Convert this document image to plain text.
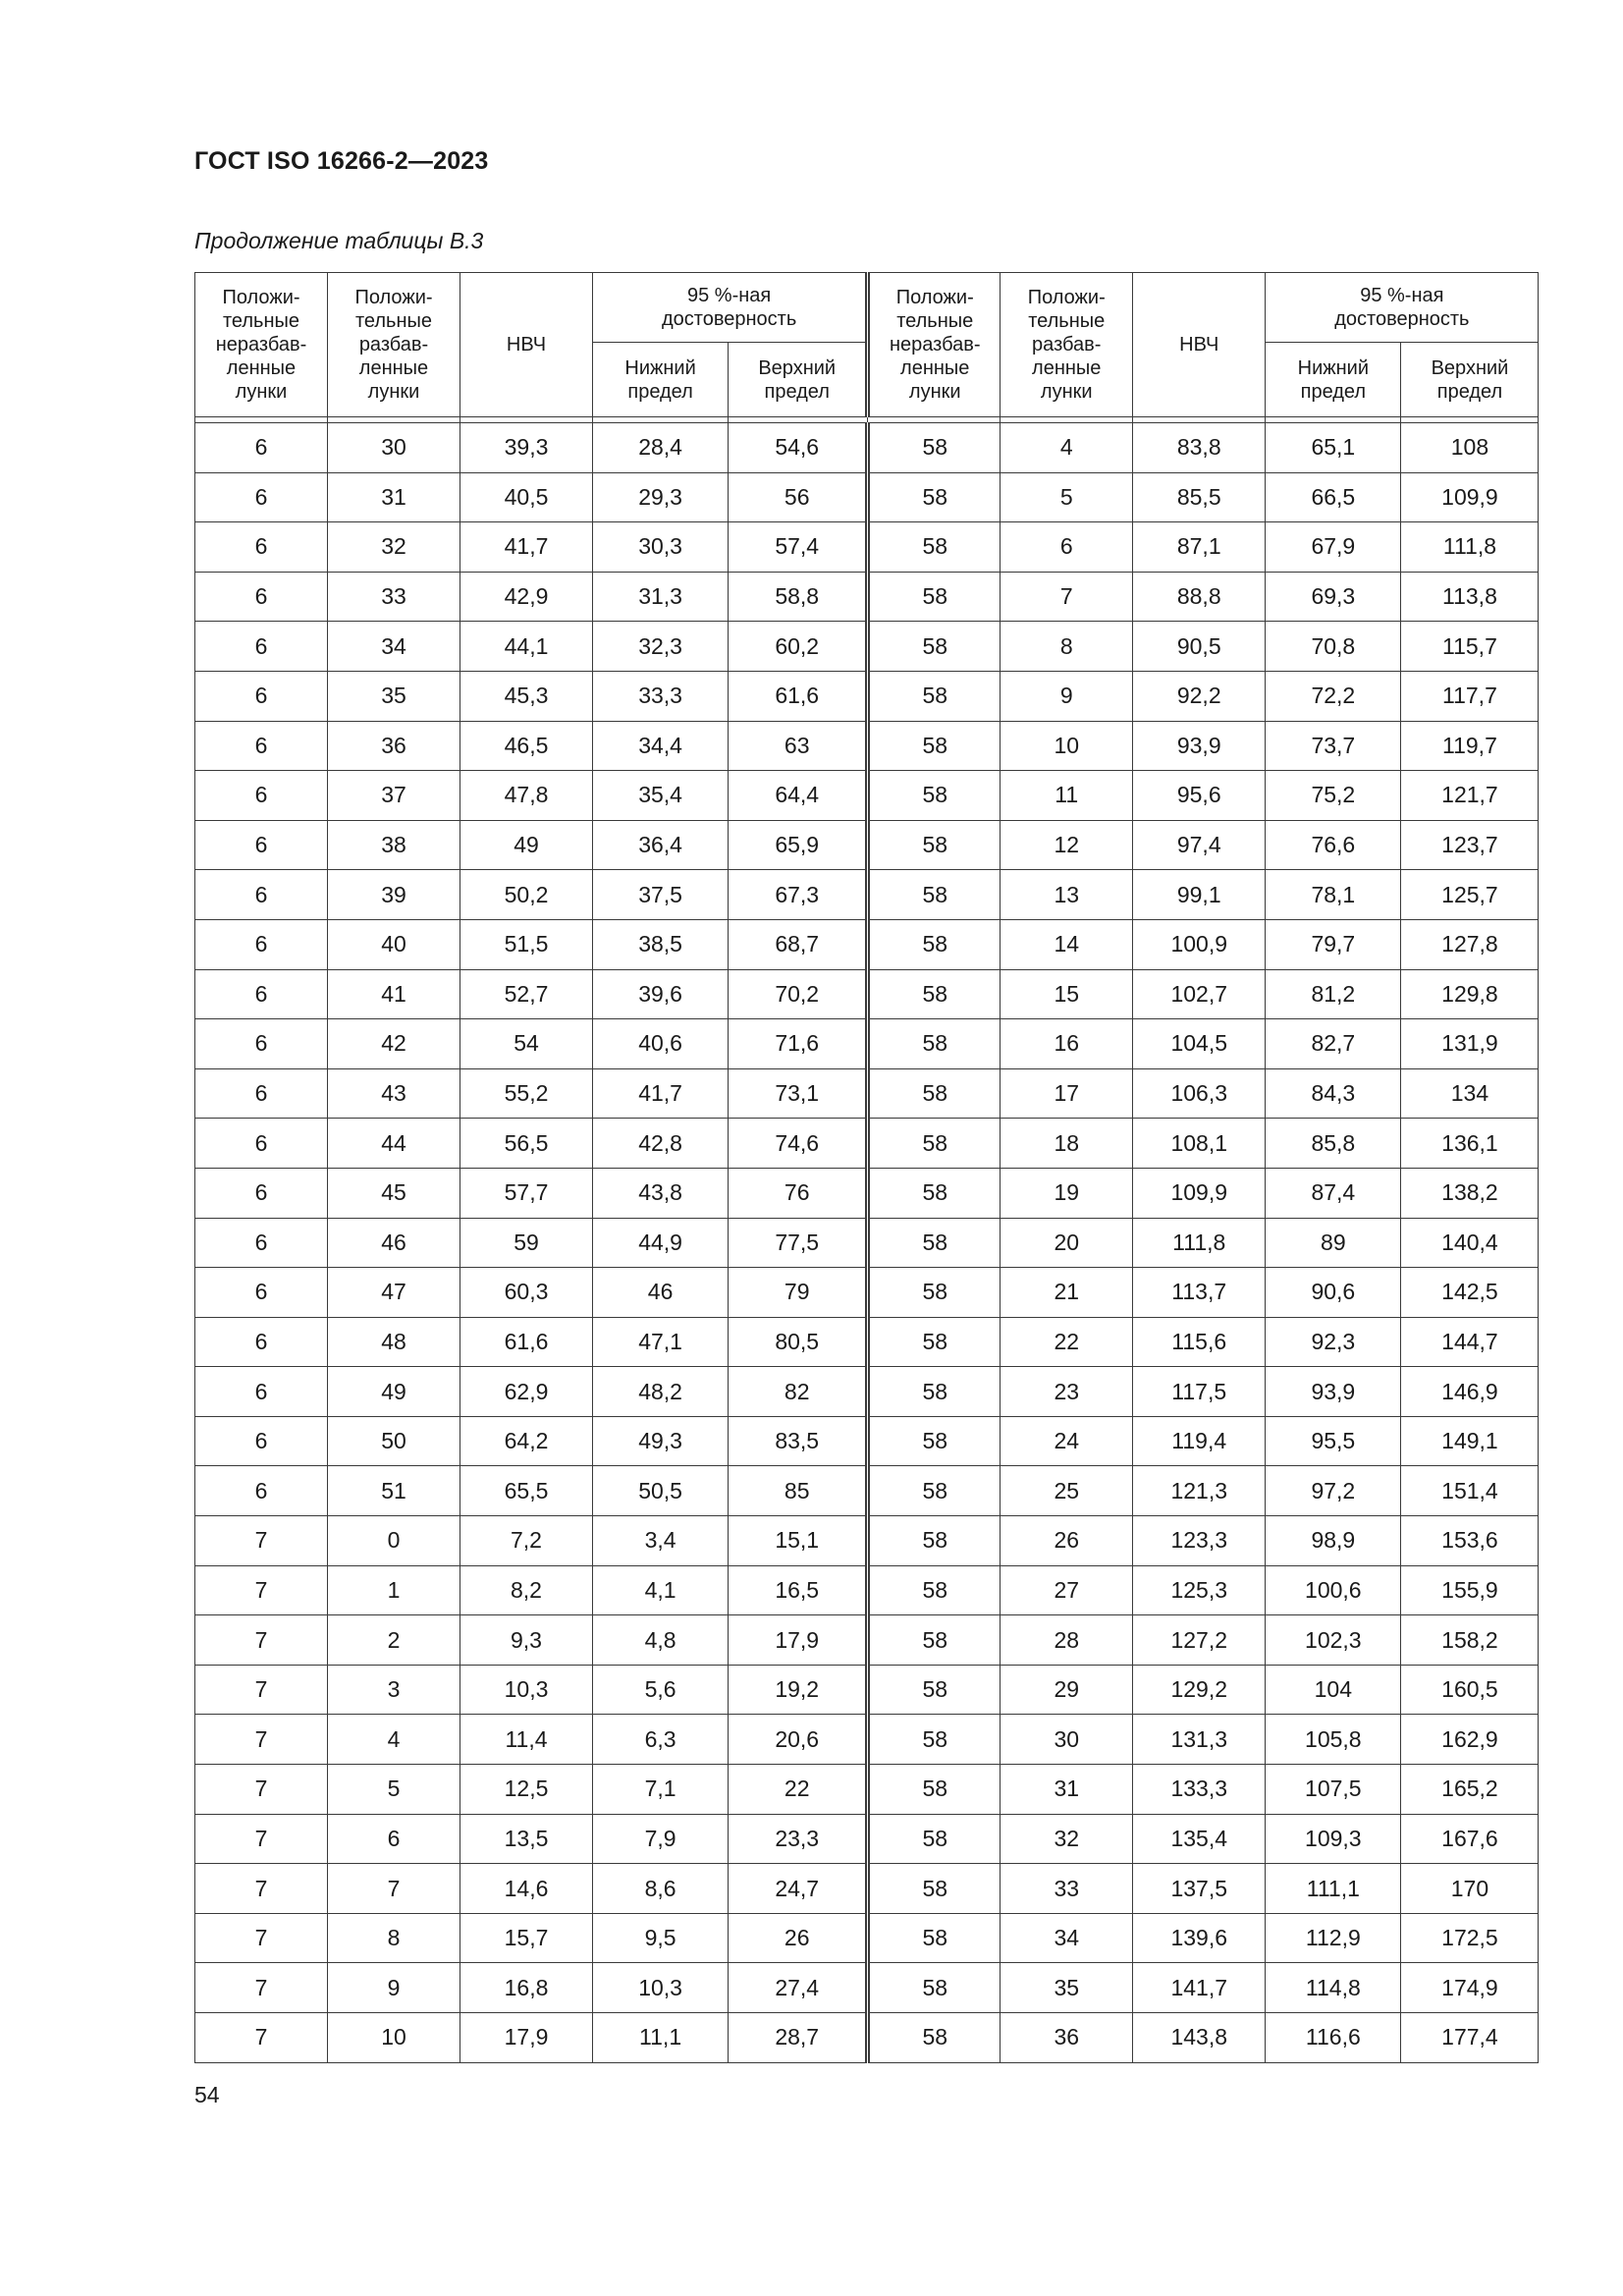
ГОСТ ISO 16266-2—2023
Продолжение таблицы B.3
Положи-тельные неразбав-ленные лунки	Положи-тельные разбав-ленные лунки	НВЧ	95 %-ная достоверность		Положи-тельные неразбав-ленные лунки	Положи-тельные разбав-ленные лунки	НВЧ	95 %-ная достоверность	

			Нижний предел	Верхний предел				Нижний предел	Верхний предел

6	30	39,3	28,4	54,6	58	4	83,8	65,1	108
6	31	40,5	29,3	56	58	5	85,5	66,5	109,9
6	32	41,7	30,3	57,4	58	6	87,1	67,9	111,8
6	33	42,9	31,3	58,8	58	7	88,8	69,3	113,8
6	34	44,1	32,3	60,2	58	8	90,5	70,8	115,7
6	35	45,3	33,3	61,6	58	9	92,2	72,2	117,7
6	36	46,5	34,4	63	58	10	93,9	73,7	119,7
6	37	47,8	35,4	64,4	58	11	95,6	75,2	121,7
6	38	49	36,4	65,9	58	12	97,4	76,6	123,7
6	39	50,2	37,5	67,3	58	13	99,1	78,1	125,7
6	40	51,5	38,5	68,7	58	14	100,9	79,7	127,8
6	41	52,7	39,6	70,2	58	15	102,7	81,2	129,8
6	42	54	40,6	71,6	58	16	104,5	82,7	131,9
6	43	55,2	41,7	73,1	58	17	106,3	84,3	134
6	44	56,5	42,8	74,6	58	18	108,1	85,8	136,1
6	45	57,7	43,8	76	58	19	109,9	87,4	138,2
6	46	59	44,9	77,5	58	20	111,8	89	140,4
6	47	60,3	46	79	58	21	113,7	90,6	142,5
6	48	61,6	47,1	80,5	58	22	115,6	92,3	144,7
6	49	62,9	48,2	82	58	23	117,5	93,9	146,9
6	50	64,2	49,3	83,5	58	24	119,4	95,5	149,1
6	51	65,5	50,5	85	58	25	121,3	97,2	151,4
7	0	7,2	3,4	15,1	58	26	123,3	98,9	153,6
7	1	8,2	4,1	16,5	58	27	125,3	100,6	155,9
7	2	9,3	4,8	17,9	58	28	127,2	102,3	158,2
7	3	10,3	5,6	19,2	58	29	129,2	104	160,5
7	4	11,4	6,3	20,6	58	30	131,3	105,8	162,9
7	5	12,5	7,1	22	58	31	133,3	107,5	165,2
7	6	13,5	7,9	23,3	58	32	135,4	109,3	167,6
7	7	14,6	8,6	24,7	58	33	137,5	111,1	170
7	8	15,7	9,5	26	58	34	139,6	112,9	172,5
7	9	16,8	10,3	27,4	58	35	141,7	114,8	174,9
7	10	17,9	11,1	28,7	58	36	143,8	116,6	177,4
54
